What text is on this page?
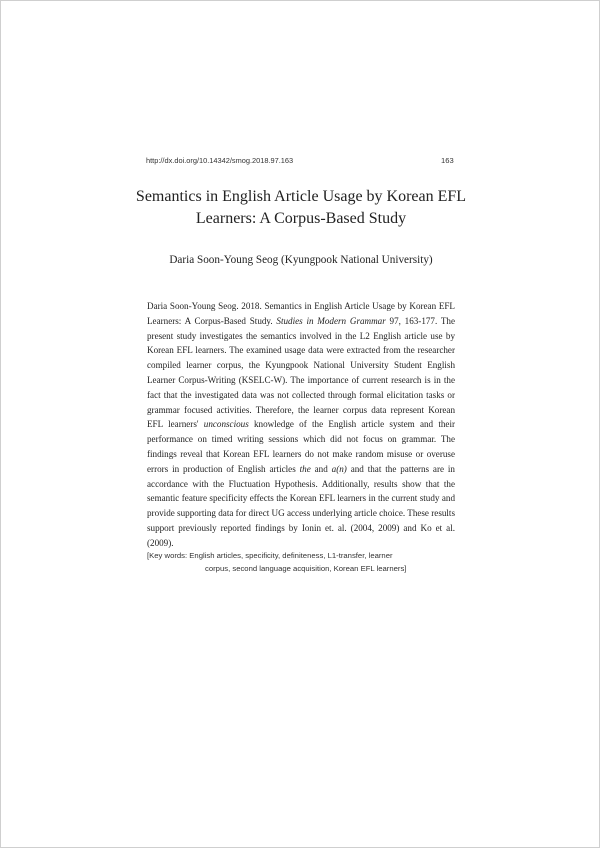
http://dx.doi.org/10.14342/smog.2018.97.163	163
Semantics in English Article Usage by Korean EFL
Learners: A Corpus-Based Study
Daria Soon-Young Seog (Kyungpook National University)
Daria Soon-Young Seog. 2018. Semantics in English Article Usage by Korean EFL Learners: A Corpus-Based Study. Studies in Modern Grammar 97, 163-177. The present study investigates the semantics involved in the L2 English article use by Korean EFL learners. The examined usage data were extracted from the researcher compiled learner corpus, the Kyungpook National University Student English Learner Corpus-Writing (KSELC-W). The importance of current research is in the fact that the investigated data was not collected through formal elicitation tasks or grammar focused activities. Therefore, the learner corpus data represent Korean EFL learners' unconscious knowledge of the English article system and their performance on timed writing sessions which did not focus on grammar. The findings reveal that Korean EFL learners do not make random misuse or overuse errors in production of English articles the and a(n) and that the patterns are in accordance with the Fluctuation Hypothesis. Additionally, results show that the semantic feature specificity effects the Korean EFL learners in the current study and provide supporting data for direct UG access underlying article choice. These results support previously reported findings by Ionin et. al. (2004, 2009) and Ko et al. (2009).
[Key words: English articles, specificity, definiteness, L1-transfer, learner
corpus, second language acquisition, Korean EFL learners]
